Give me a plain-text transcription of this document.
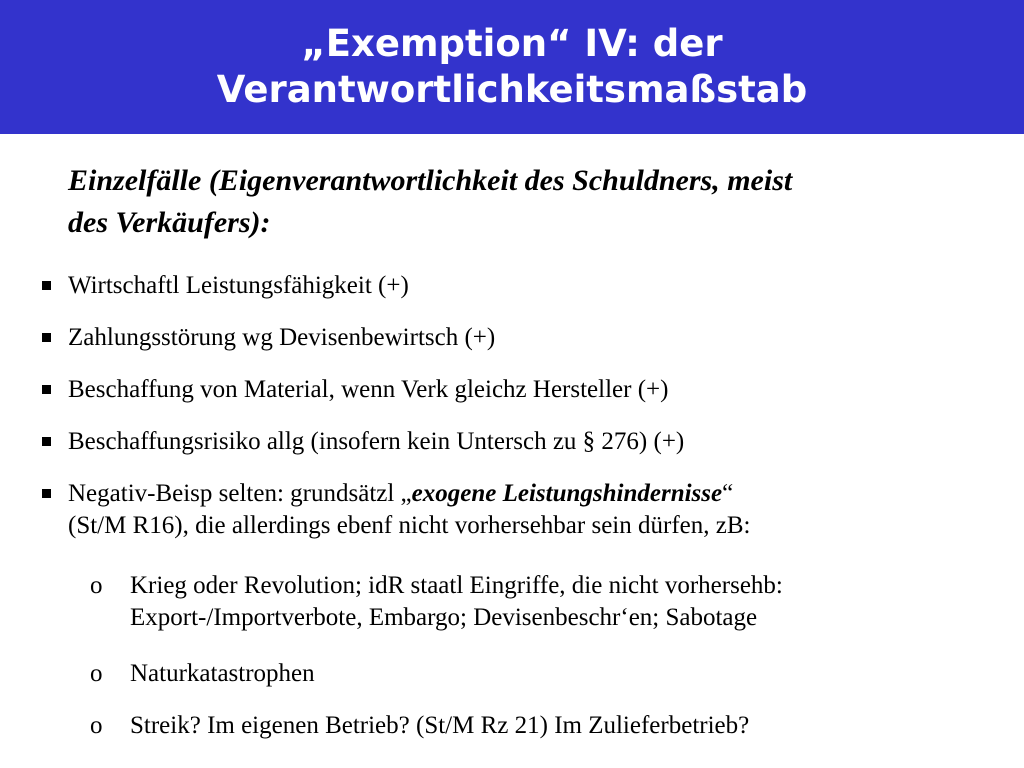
„Exemption“ IV: der
Verantwortlichkeitsmaßstab
Einzelfälle (Eigenverantwortlichkeit des Schuldners, meist
des Verkäufers):
Wirtschaftl Leistungsfähigkeit (+)
Zahlungsstörung wg Devisenbewirtsch (+)
Beschaffung von Material, wenn Verk gleichz Hersteller (+)
Beschaffungsrisiko allg (insofern kein Untersch zu § 276) (+)
Negativ-Beisp selten: grundsätzl „exogene Leistungshindernisse“
(St/M R16), die allerdings ebenf nicht vorhersehbar sein dürfen, zB:
o Krieg oder Revolution; idR staatl Eingriffe, die nicht vorhersehb:
Export-/Importverbote, Embargo; Devisenbeschr‘en; Sabotage
o Naturkatastrophen
o Streik? Im eigenen Betrieb? (St/M Rz 21) Im Zulieferbetrieb?
